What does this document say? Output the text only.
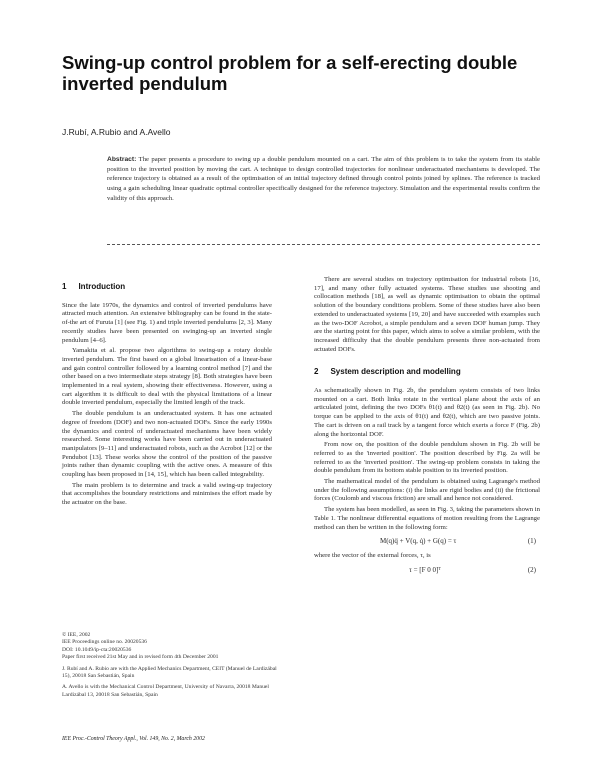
Swing-up control problem for a self-erecting double inverted pendulum
J.Rubí, A.Rubio and A.Avello

Abstract: The paper presents a procedure to swing up a double pendulum mounted on a cart. The aim of this problem is to take the system from its stable position to the inverted position by moving the cart. A technique to design controlled trajectories for nonlinear underactuated mechanisms is developed. The reference trajectory is obtained as a result of the optimisation of an initial trajectory defined through control points joined by splines. The reference is tracked using a gain scheduling linear quadratic optimal controller specifically designed for the reference trajectory. Simulation and the experimental results confirm the validity of this approach.

1 Introduction

Since the late 1970s, the dynamics and control of inverted pendulums have attracted much attention. An extensive bibliography can be found in the state-of-the art of Furuta [1] (see Fig. 1) and triple inverted pendulums [2, 3]. Many recently studies have been presented on swinging-up an inverted single pendulum [4–6].

Yamakita et al. propose two algorithms to swing-up a rotary double inverted pendulum. The first based on a global linearisation of a linear-base and gain control controller followed by a learning control method [7] and the other based on a two intermediate steps strategy [8]. Both strategies have been implemented in a real system, showing their effectiveness. However, using a cart algorithm it is difficult to deal with the physical limitations of a linear double inverted pendulum, especially the limited length of the track.

The double pendulum is an underactuated system. It has one actuated degree of freedom (DOF) and two non-actuated DOFs. Since the early 1990s the dynamics and control of underactuated mechanisms have been widely researched. Some interesting works have been carried out in underactuated manipulators [9–11] and underactuated robots, such as the Acrobot [12] or the Pendubot [13]. These works show the control of the position of the passive joints rather than dynamic coupling with the active ones. A measure of this coupling has been proposed in [14, 15], which has been called integrability.

The main problem is to determine and track a valid swing-up trajectory that accomplishes the boundary restrictions and minimises the effort made by the actuator on the base.

© IEE, 2002
IEE Proceedings online no. 20020536
DOI: 10.1049/ip-cta:20020536
Paper first received 21st May and in revised form 4th December 2001
J. Rubí and A. Rubio are with the Applied Mechanics Department, CEIT (Manuel de Lardizábal 15), 20018 San Sebastián, Spain
A. Avello is with the Mechanical Control Department, University of Navarra, 20018 Manuel Lardizábal 13, 20018 San Sebastián, Spain

There are several studies on trajectory optimisation for industrial robots [16, 17], and many other fully actuated systems. These studies use shooting and collocation methods [18], as well as dynamic optimisation to obtain the optimal solution of the boundary conditions problem. Some of these studies have also been extended to underactuated systems [19, 20] and have succeeded with examples such as the two-DOF Acrobot, a simple pendulum and a seven DOF human jump. They are the starting point for this paper, which aims to solve a similar problem, with the increased difficulty that the double pendulum presents three non-actuated from actuated DOFs.

2 System description and modelling

As schematically shown in Fig. 2b, the pendulum system consists of two links mounted on a cart. Both links rotate in the vertical plane about the axis of an articulated joint, defining the two DOFs θ1(t) and θ2(t) (as seen in Fig. 2b). No torque can be applied to the axis of θ1(t) and θ2(t), which are two passive joints. The cart is driven on a rail track by a tangent force which exerts a force F (Fig. 2b) along the horizontal DOF.

From now on, the position of the double pendulum shown in Fig. 2b will be referred to as the 'inverted position'. The position described by Fig. 2a will be referred to as the 'inverted position'. The swing-up problem consists in taking the double pendulum from its bottom stable position to its inverted position.

The mathematical model of the pendulum is obtained using Lagrange's method under the following assumptions: (i) the links are rigid bodies and (ii) the frictional forces (Coulomb and viscous friction) are small and hence not considered.

The system has been modelled, as seen in Fig. 3, taking the parameters shown in Table 1. The nonlinear differential equations of motion resulting from the Lagrange method can then be written in the following form:

M(q)q̈ + V(q, q̇) + G(q) = τ	(1)

where the vector of the external forces, τ, is

τ = [F 0 0]ᵀ	(2)
IEE Proc.-Control Theory Appl., Vol. 149, No. 2, March 2002
